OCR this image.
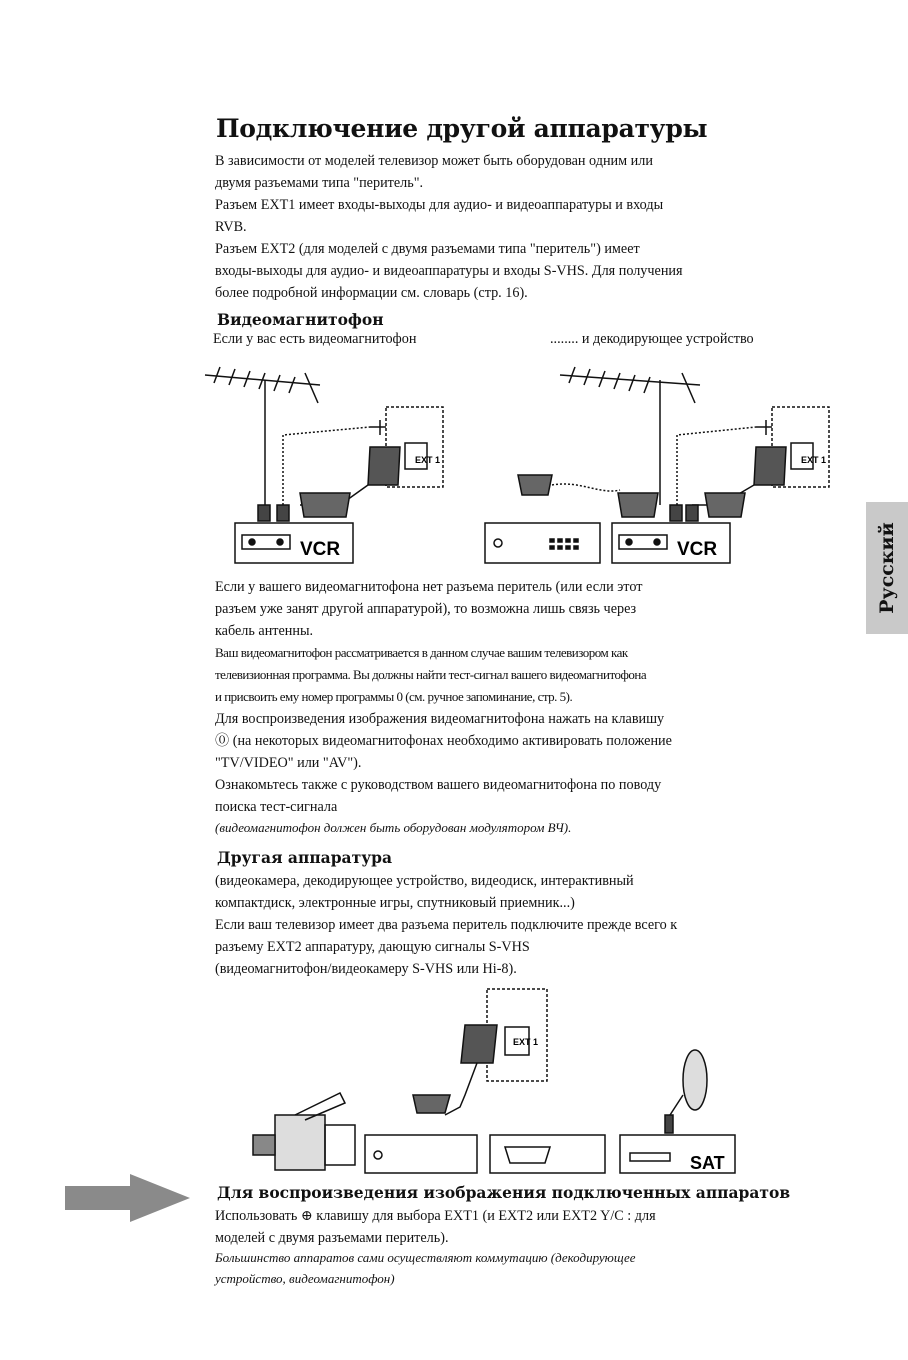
Подключение другой аппаратуры
В зависимости от моделей телевизор может быть оборудован одним или
двумя разъемами типа "перитель".
Разъем EXT1 имеет входы-выходы для аудио- и видеоаппаратуры и входы
RVB.
Разъем EXT2 (для моделей с двумя разъемами типа "перитель") имеет
входы-выходы для аудио- и видеоаппаратуры и входы S-VHS. Для получения
более подробной информации см. словарь (стр. 16).
Видеомагнитофон
Если у вас есть видеомагнитофон	........ и декодирующее устройство
EXT 1	EXT 1
VCR	VCR
Если у вашего видеомагнитофона нет разъема перитель (или если этот
разъем уже занят другой аппаратурой), то возможна лишь связь через
кабель антенны.
Ваш видеомагнитофон рассматривается в данном случае вашим телевизором как
телевизионная программа. Вы должны найти тест-сигнал вашего видеомагнитофона
и присвоить ему номер программы 0 (см. ручное запоминание, стр. 5).
Для воспроизведения изображения видеомагнитофона нажать на клавишу
⓪ (на некоторых видеомагнитофонах необходимо активировать положение
"TV/VIDEO" или "AV").
Ознакомьтесь также с руководством вашего видеомагнитофона по поводу
поиска тест-сигнала
(видеомагнитофон должен быть оборудован модулятором ВЧ).
Другая аппаратура
(видеокамера, декодирующее устройство, видеодиск, интерактивный
компактдиск, электронные игры, спутниковый приемник...)
Если ваш телевизор имеет два разъема перитель подключите прежде всего к
разъему EXT2 аппаратуру, дающую сигналы S-VHS
(видеомагнитофон/видеокамеру S-VHS или Hi-8).
EXT 1
SAT
Для воспроизведения изображения подключенных аппаратов
Использовать ⊕ клавишу для выбора EXT1 (и EXT2 или EXT2 Y/C : для
моделей с двумя разъемами перитель).
Большинство аппаратов сами осуществляют коммутацию (декодирующее
устройство, видеомагнитофон)
Русский
